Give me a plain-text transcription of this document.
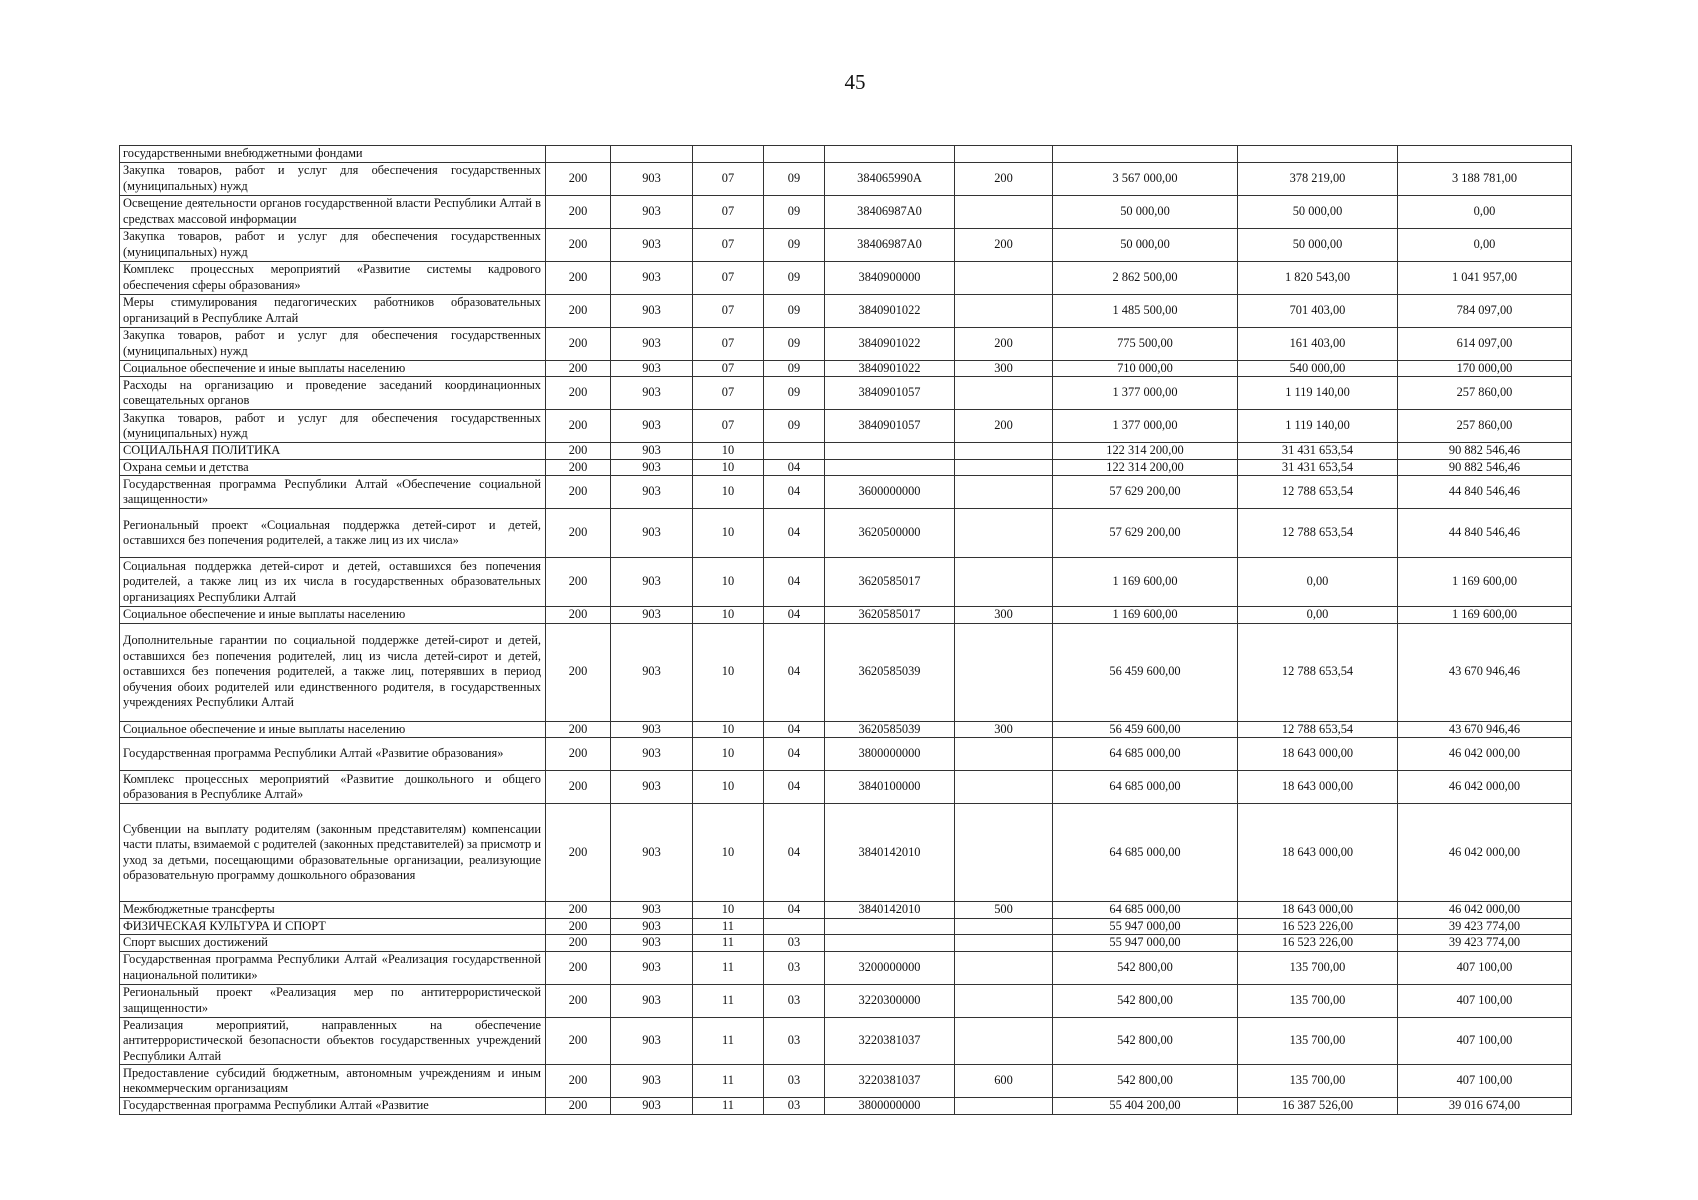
45
государственными внебюджетными фондами									
Закупка товаров, работ и услуг для обеспечения государственных (муниципальных) нужд	200	903	07	09	384065990А	200	3 567 000,00	378 219,00	3 188 781,00
Освещение деятельности органов государственной власти Республики Алтай в средствах массовой информации	200	903	07	09	38406987А0		50 000,00	50 000,00	0,00
Закупка товаров, работ и услуг для обеспечения государственных (муниципальных) нужд	200	903	07	09	38406987А0	200	50 000,00	50 000,00	0,00
Комплекс процессных мероприятий «Развитие системы кадрового обеспечения сферы образования»	200	903	07	09	3840900000		2 862 500,00	1 820 543,00	1 041 957,00
Меры стимулирования педагогических работников образовательных организаций в Республике Алтай	200	903	07	09	3840901022		1 485 500,00	701 403,00	784 097,00
Закупка товаров, работ и услуг для обеспечения государственных (муниципальных) нужд	200	903	07	09	3840901022	200	775 500,00	161 403,00	614 097,00
Социальное обеспечение и иные выплаты населению	200	903	07	09	3840901022	300	710 000,00	540 000,00	170 000,00
Расходы на организацию и проведение заседаний координационных совещательных органов	200	903	07	09	3840901057		1 377 000,00	1 119 140,00	257 860,00
Закупка товаров, работ и услуг для обеспечения государственных (муниципальных) нужд	200	903	07	09	3840901057	200	1 377 000,00	1 119 140,00	257 860,00
СОЦИАЛЬНАЯ ПОЛИТИКА	200	903	10				122 314 200,00	31 431 653,54	90 882 546,46
Охрана семьи и детства	200	903	10	04			122 314 200,00	31 431 653,54	90 882 546,46
Государственная программа Республики Алтай «Обеспечение социальной защищенности»	200	903	10	04	3600000000		57 629 200,00	12 788 653,54	44 840 546,46
Региональный проект «Социальная поддержка детей-сирот и детей, оставшихся без попечения родителей, а также лиц из их числа»	200	903	10	04	3620500000		57 629 200,00	12 788 653,54	44 840 546,46
Социальная поддержка детей-сирот и детей, оставшихся без попечения родителей, а также лиц из их числа в государственных образовательных организациях Республики Алтай	200	903	10	04	3620585017		1 169 600,00	0,00	1 169 600,00
Социальное обеспечение и иные выплаты населению	200	903	10	04	3620585017	300	1 169 600,00	0,00	1 169 600,00
Дополнительные гарантии по социальной поддержке детей-сирот и детей, оставшихся без попечения родителей, лиц из числа детей-сирот и детей, оставшихся без попечения родителей, а также лиц, потерявших в период обучения обоих родителей или единственного родителя, в государственных учреждениях Республики Алтай	200	903	10	04	3620585039		56 459 600,00	12 788 653,54	43 670 946,46
Социальное обеспечение и иные выплаты населению	200	903	10	04	3620585039	300	56 459 600,00	12 788 653,54	43 670 946,46
Государственная программа Республики Алтай «Развитие образования»	200	903	10	04	3800000000		64 685 000,00	18 643 000,00	46 042 000,00
Комплекс процессных мероприятий «Развитие дошкольного и общего образования в Республике Алтай»	200	903	10	04	3840100000		64 685 000,00	18 643 000,00	46 042 000,00
Субвенции на выплату родителям (законным представителям) компенсации части платы, взимаемой с родителей (законных представителей) за присмотр и уход за детьми, посещающими образовательные организации, реализующие образовательную программу дошкольного образования	200	903	10	04	3840142010		64 685 000,00	18 643 000,00	46 042 000,00
Межбюджетные трансферты	200	903	10	04	3840142010	500	64 685 000,00	18 643 000,00	46 042 000,00
ФИЗИЧЕСКАЯ КУЛЬТУРА И СПОРТ	200	903	11				55 947 000,00	16 523 226,00	39 423 774,00
Спорт высших достижений	200	903	11	03			55 947 000,00	16 523 226,00	39 423 774,00
Государственная программа Республики Алтай «Реализация государственной национальной политики»	200	903	11	03	3200000000		542 800,00	135 700,00	407 100,00
Региональный проект «Реализация мер по антитеррористической защищенности»	200	903	11	03	3220300000		542 800,00	135 700,00	407 100,00
Реализация мероприятий, направленных на обеспечение антитеррористической безопасности объектов государственных учреждений Республики Алтай	200	903	11	03	3220381037		542 800,00	135 700,00	407 100,00
Предоставление субсидий бюджетным, автономным учреждениям и иным некоммерческим организациям	200	903	11	03	3220381037	600	542 800,00	135 700,00	407 100,00
Государственная программа Республики Алтай «Развитие	200	903	11	03	3800000000		55 404 200,00	16 387 526,00	39 016 674,00
